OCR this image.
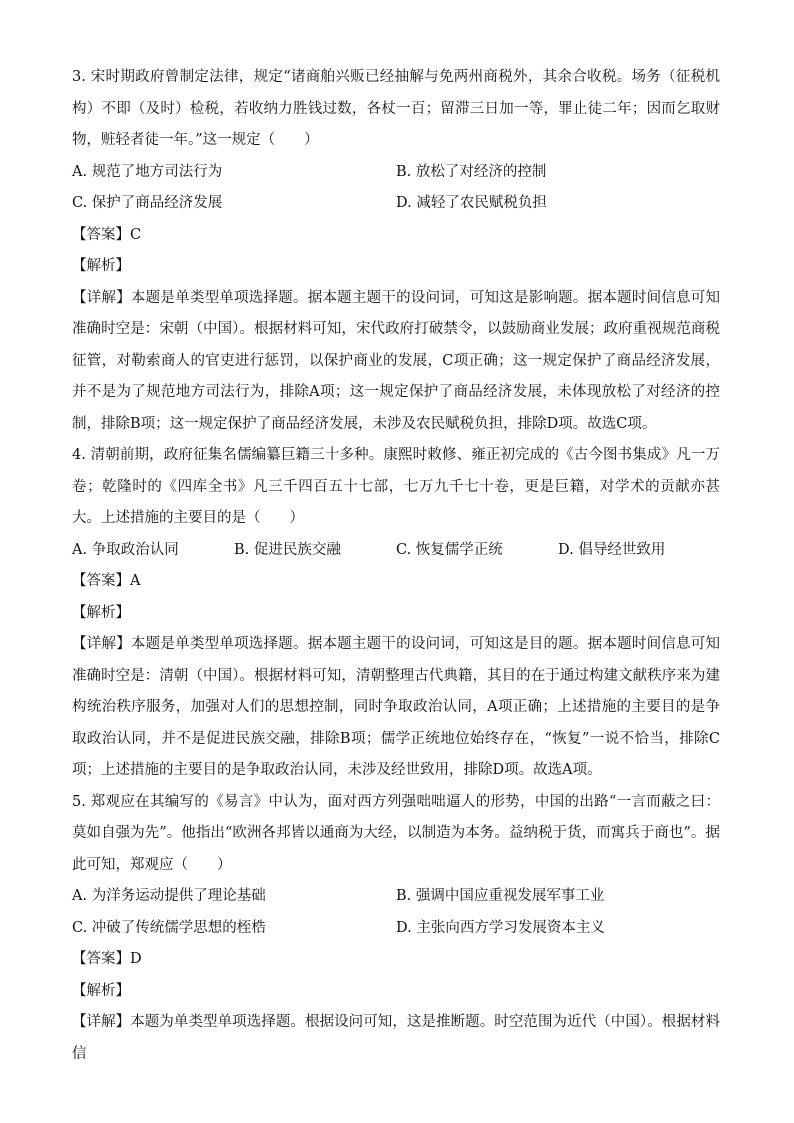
3. 宋时期政府曾制定法律，规定“诸商舶兴贩已经抽解与免两州商税外，其余合收税。场务（征税机构）不即（及时）检税，若收纳力胜钱过数，各杖一百；留滞三日加一等，罪止徒二年；因而乞取财物，赃轻者徒一年。”这一规定（　　）

A. 规范了地方司法行为	B. 放松了对经济的控制
C. 保护了商品经济发展	D. 减轻了农民赋税负担

【答案】C

【解析】

【详解】本题是单类型单项选择题。据本题主题干的设问词，可知这是影响题。据本题时间信息可知准确时空是：宋朝（中国）。根据材料可知，宋代政府打破禁令，以鼓励商业发展；政府重视规范商税征管，对勒索商人的官吏进行惩罚，以保护商业的发展，C项正确；这一规定保护了商品经济发展，并不是为了规范地方司法行为，排除A项；这一规定保护了商品经济发展，未体现放松了对经济的控制，排除B项；这一规定保护了商品经济发展，未涉及农民赋税负担，排除D项。故选C项。

4. 清朝前期，政府征集名儒编纂巨籍三十多种。康熙时敕修、雍正初完成的《古今图书集成》凡一万卷；乾隆时的《四库全书》凡三千四百五十七部，七万九千七十卷，更是巨籍，对学术的贡献亦甚大。上述措施的主要目的是（　　）

A. 争取政治认同	B. 促进民族交融	C. 恢复儒学正统	D. 倡导经世致用

【答案】A

【解析】

【详解】本题是单类型单项选择题。据本题主题干的设问词，可知这是目的题。据本题时间信息可知准确时空是：清朝（中国）。根据材料可知，清朝整理古代典籍，其目的在于通过构建文献秩序来为建构统治秩序服务，加强对人们的思想控制，同时争取政治认同，A项正确；上述措施的主要目的是争取政治认同，并不是促进民族交融，排除B项；儒学正统地位始终存在，“恢复”一说不恰当，排除C项；上述措施的主要目的是争取政治认同，未涉及经世致用，排除D项。故选A项。

5. 郑观应在其编写的《易言》中认为，面对西方列强咄咄逼人的形势，中国的出路“一言而蔽之曰：莫如自强为先”。他指出“欧洲各邦皆以通商为大经，以制造为本务。益纳税于货，而寓兵于商也”。据此可知，郑观应（　　）

A. 为洋务运动提供了理论基础	B. 强调中国应重视发展军事工业
C. 冲破了传统儒学思想的桎梏	D. 主张向西方学习发展资本主义

【答案】D

【解析】

【详解】本题为单类型单项选择题。根据设问可知，这是推断题。时空范围为近代（中国）。根据材料信
